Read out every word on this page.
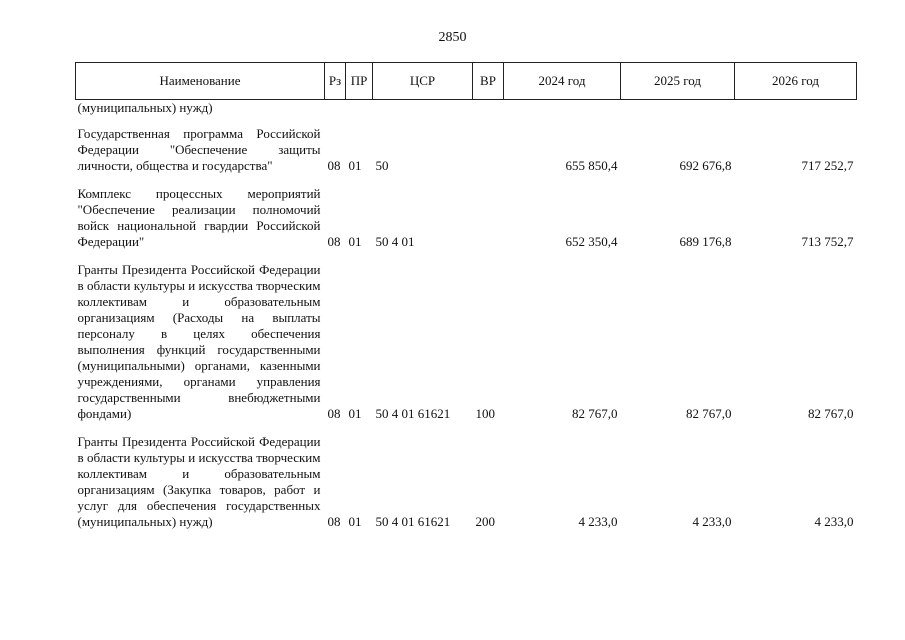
2850
Наименование	Рз	ПР	ЦСР	ВР	2024 год	2025 год	2026 год
(муниципальных) нужд)							
Государственная программа Российской Федерации "Обеспечение защиты личности, общества и государства"	08	01	50		655 850,4	692 676,8	717 252,7
Комплекс процессных мероприятий "Обеспечение реализации полномочий войск национальной гвардии Российской Федерации"	08	01	50 4 01		652 350,4	689 176,8	713 752,7
Гранты Президента Российской Федерации в области культуры и искусства творческим коллективам и образовательным организациям (Расходы на выплаты персоналу в целях обеспечения выполнения функций государственными (муниципальными) органами, казенными учреждениями, органами управления государственными внебюджетными фондами)	08	01	50 4 01 61621	100	82 767,0	82 767,0	82 767,0
Гранты Президента Российской Федерации в области культуры и искусства творческим коллективам и образовательным организациям (Закупка товаров, работ и услуг для обеспечения государственных (муниципальных) нужд)	08	01	50 4 01 61621	200	4 233,0	4 233,0	4 233,0
